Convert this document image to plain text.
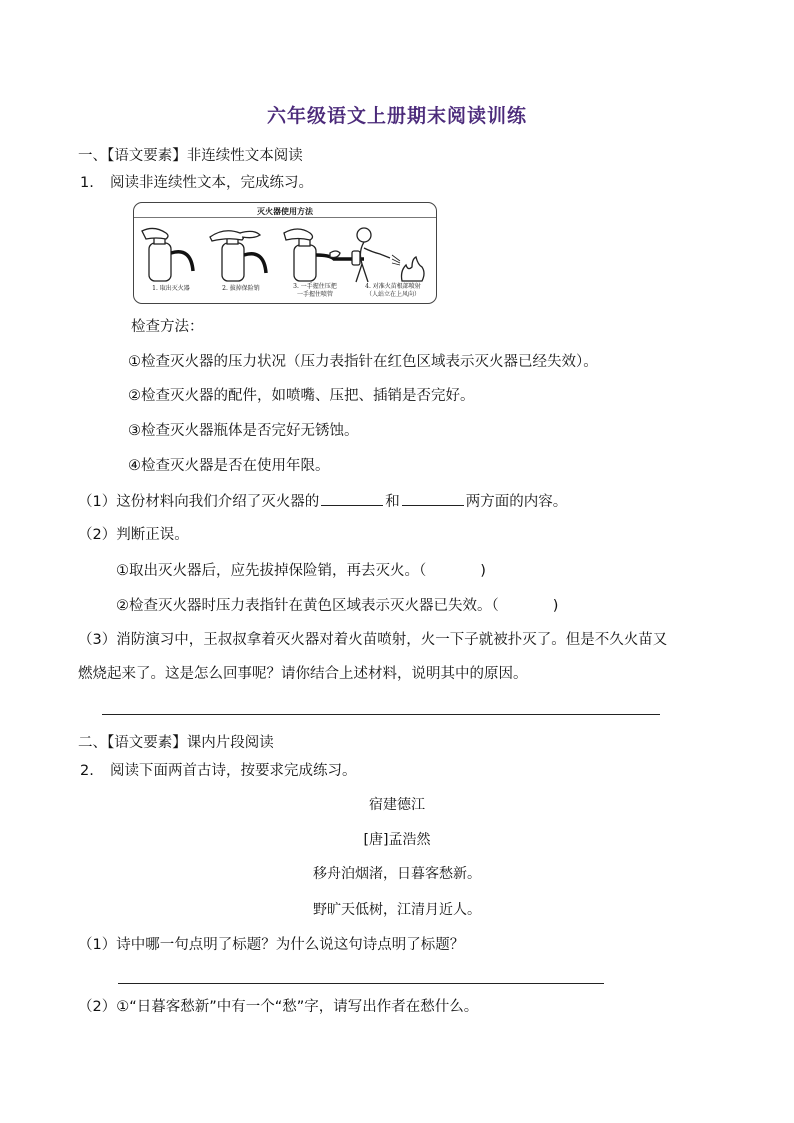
六年级语文上册期末阅读训练
一、【语文要素】非连续性文本阅读
1. 阅读非连续性文本，完成练习。
灭火器使用方法
1. 取出灭火器	2. 拔掉保险销	3. 一手握住压把
一手握住喷管
4. 对准火苗根部喷射
（人站立在上风向）
检查方法：
①检查灭火器的压力状况（压力表指针在红色区域表示灭火器已经失效）。
②检查灭火器的配件，如喷嘴、压把、插销是否完好。
③检查灭火器瓶体是否完好无锈蚀。
④检查灭火器是否在使用年限。
（1）这份材料向我们介绍了灭火器的	和	两方面的内容。
（2）判断正误。
①取出灭火器后，应先拔掉保险销，再去灭火。（	)
②检查灭火器时压力表指针在黄色区域表示灭火器已失效。（	)
（3）消防演习中，王叔叔拿着灭火器对着火苗喷射，火一下子就被扑灭了。但是不久火苗又
燃烧起来了。这是怎么回事呢？请你结合上述材料，说明其中的原因。
二、【语文要素】课内片段阅读
2. 阅读下面两首古诗，按要求完成练习。
宿建德江
[唐]孟浩然
移舟泊烟渚，日暮客愁新。
野旷天低树，江清月近人。
（1）诗中哪一句点明了标题？为什么说这句诗点明了标题？
（2）①“日暮客愁新”中有一个“愁”字，请写出作者在愁什么。
